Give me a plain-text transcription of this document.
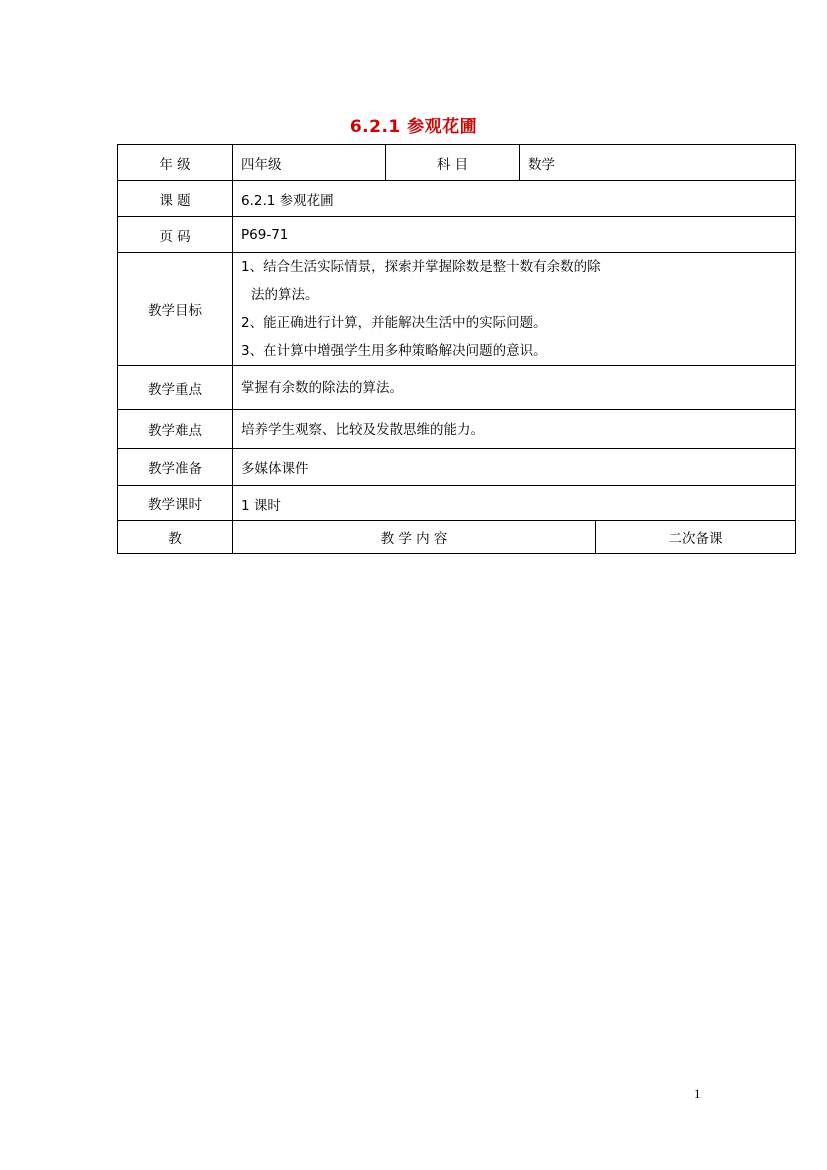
6.2.1 参观花圃
年 级	四年级	科 目	数学	
课 题	6.2.1 参观花圃			
页 码	P69-71			
教学目标	1、结合生活实际情景，探索并掌握除数是整十数有余数的除
法的算法。
2、能正确进行计算，并能解决生活中的实际问题。
3、在计算中增强学生用多种策略解决问题的意识。			

教学重点	掌握有余数的除法的算法。			
教学难点	培养学生观察、比较及发散思维的能力。			
教学准备	多媒体课件			
教学课时	1 课时			
教	教 学 内 容			二次备课
1
